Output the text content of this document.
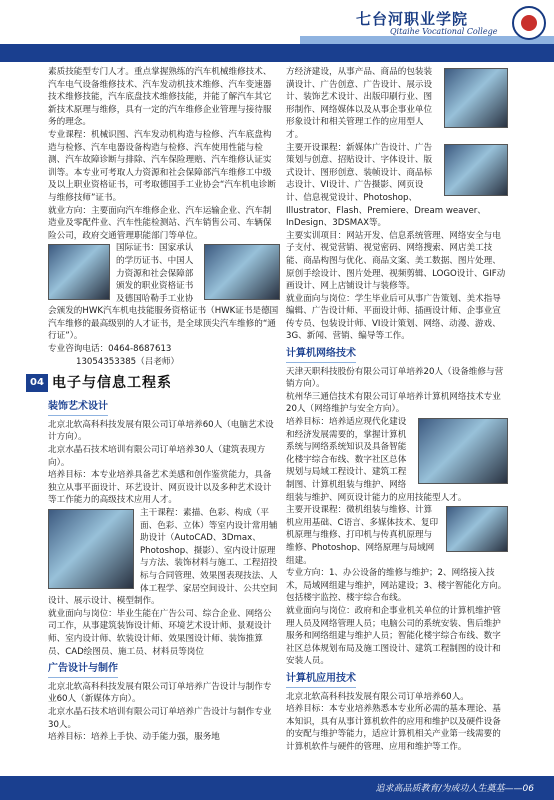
七台河职业学院
Qitaihe Vocational College

素质技能型专门人才。重点掌握熟练的汽车机械维修技术、汽车电气设备维修技术、汽车发动机技术维修、汽车变速器技术维修技能，汽车底盘技术维修技能，并能了解汽车其它新技术原理与维修，具有一定的汽车维修企业管理与接待服务的理念。

专业课程：机械识图、汽车发动机构造与检修、汽车底盘构造与检修、汽车电器设备构造与检修、汽车使用性能与检测、汽车故障诊断与排除、汽车保险理赔、汽车维修认证实训等。本专业可考取人力资源和社会保障部汽车维修工中级及以上职业资格证书，可考取德国手工业协会“汽车机电诊断与维修技师”证书。

就业方向：主要面向汽车维修企业、汽车运输企业、汽车制造业及零配件业、汽车性能检测站、汽车销售公司、车辆保险公司，政府交通管理职能部门等单位。

国际证书：国家承认的学历证书、中国人力资源和社会保障部颁发的职业资格证书及德国哈勒手工业协会颁发的HWK汽车机电技能服务资格证书（HWK证书是德国汽车维修的最高级别的人才证书，是全球顶尖汽车维修的“通行证”）。

专业咨询电话：0464-8687613

13054353385（吕老师）

04 电子与信息工程系
装饰艺术设计

北京北软高科科技发展有限公司订单培养60人（电脑艺术设计方向）。

北京水晶石技术培训有限公司订单培养30人（建筑表现方向）。

培养目标：本专业培养具备艺术美感和创作鉴赏能力，具备独立从事平面设计、环艺设计、网页设计以及多种艺术设计等工作能力的高级技术应用人才。

主干课程：素描、色彩、构成（平面、色彩、立体）等室内设计常用辅助设计（AutoCAD、3Dmax、Photoshop、摄影）、室内设计原理与方法、装饰材料与施工、工程招投标与合同管理、效果图表现技法、人体工程学、家居空间设计、公共空间设计、展示设计、模型制作。

就业面向与岗位：毕业生能在广告公司、综合企业、网络公司工作，从事建筑装饰设计师、环境艺术设计师、景观设计师、室内设计师、软装设计师、效果图设计师、装饰推算员、CAD绘图员、施工员、材料员等岗位

广告设计与制作

北京北软高科科技发展有限公司订单培养广告设计与制作专业60人（新媒体方向）。

北京水晶石技术培训有限公司订单培养广告设计与制作专业30人。

培养目标：培养上手快、动手能力强，服务地

方经济建设，从事产品、商品的包装装潢设计、广告创意、广告设计、展示设计、装饰艺术设计、出版印刷行业、图形制作、网络媒体以及从事企事业单位形象设计和相关管理工作的应用型人才。

主要开设课程：新媒体广告设计、广告策划与创意、招贴设计、字体设计、版式设计、图形创意、装帧设计、商品标志设计、VI设计、广告摄影、网页设计、信息视觉设计、Photoshop、Illustrator、Flash、Premiere、Dream weaver、InDesign、3DSMAX等。

主要实训项目：网站开发、信息系统管理、网络安全与电子支付、视觉营销、视觉密码、网络搜索、网店美工技能、商品构图与优化、商品文案、美工数据、图片处理、原创手绘设计、图片处理、视频剪辑、LOGO设计、GIF动画设计、网上店铺设计与装修等。

就业面向与岗位：学生毕业后可从事广告策划、美术指导编辑、广告设计师、平面设计师、插画设计师、企事业宣传专员、包装设计师、VI设计策划、网络、动漫、游戏、3G、新闻、营销、编导等工作。

计算机网络技术

天津天职科技股份有限公司订单培养20人（设备维修与营销方向）。

杭州华三通信技术有限公司订单培养计算机网络技术专业20人（网络维护与安全方向）。

培养目标：培养适应现代化建设和经济发展需要的，掌握计算机系统与网络系统知识及具备智能化楼宇综合布线、数字社区总体规划与局域工程设计、建筑工程制图、计算机组装与维护、网络组装与维护、网页设计能力的应用技能型人才。

主要开设课程：微机组装与维修、计算机应用基础、C语言、多媒体技术、复印机原理与维修、打印机与传真机原理与维修、Photoshop、网络原理与局域网组建。

专业方向：1、办公设备的维修与维护；2、网络接入技术，局域网组建与维护，网站建设；3、楼宇智能化方向。包括楼宇监控、楼宇综合布线。

就业面向与岗位：政府和企事业机关单位的计算机维护管理人员及网络管理人员；电脑公司的系统安装、售后维护服务和网络组建与维护人员；智能化楼宇综合布线、数字社区总体规划布局及施工图设计、建筑工程制图的设计和安装人员。

计算机应用技术

北京北软高科科技发展有限公司订单培养60人。

培养目标：本专业培养熟悉本专业所必需的基本理论、基本知识，具有从事计算机软件的应用和维护以及硬件设备的安配与维护等能力，适应计算机相关产业第一线需要的计算机软件与硬件的管理、应用和维护等工作。

追求高品质教育/为成功人生奠基——06
